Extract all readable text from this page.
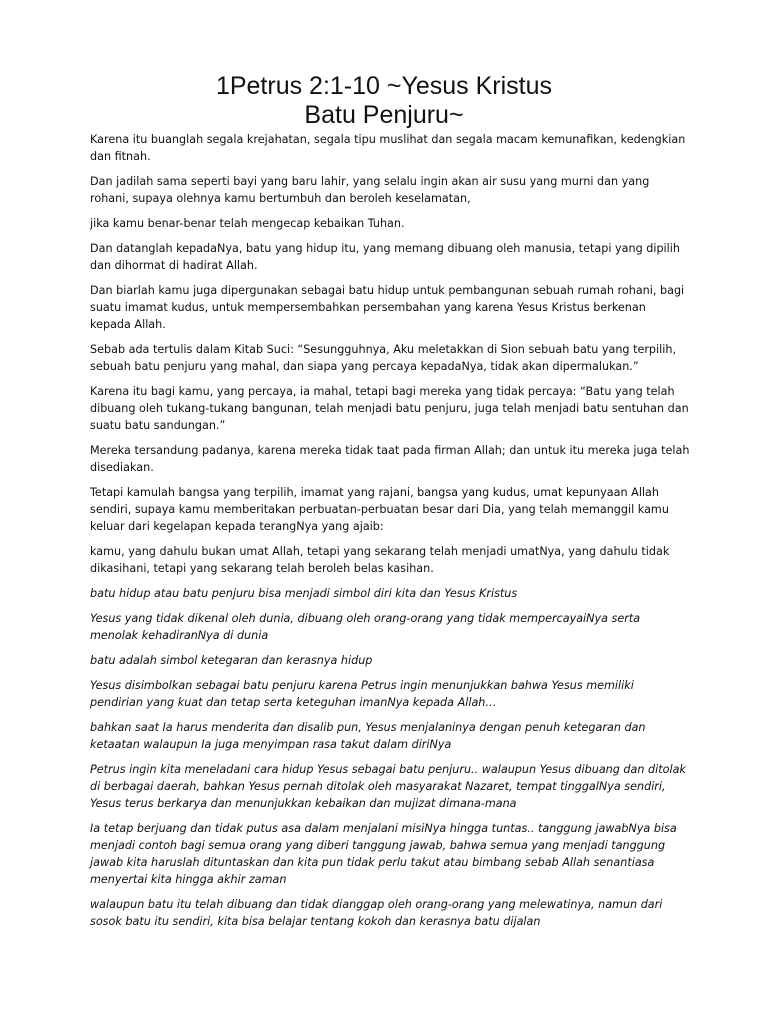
1Petrus 2:1-10 ~Yesus Kristus
Batu Penjuru~

Karena itu buanglah segala krejahatan, segala tipu muslihat dan segala macam kemunafikan, kedengkian dan fitnah.

Dan jadilah sama seperti bayi yang baru lahir, yang selalu ingin akan air susu yang murni dan yang rohani, supaya olehnya kamu bertumbuh dan beroleh keselamatan,

jika kamu benar-benar telah mengecap kebaikan Tuhan.

Dan datanglah kepadaNya, batu yang hidup itu, yang memang dibuang oleh manusia, tetapi yang dipilih dan dihormat di hadirat Allah.

Dan biarlah kamu juga dipergunakan sebagai batu hidup untuk pembangunan sebuah rumah rohani, bagi suatu imamat kudus, untuk mempersembahkan persembahan yang karena Yesus Kristus berkenan kepada Allah.

Sebab ada tertulis dalam Kitab Suci: “Sesungguhnya, Aku meletakkan di Sion sebuah batu yang terpilih, sebuah batu penjuru yang mahal, dan siapa yang percaya kepadaNya, tidak akan dipermalukan.”

Karena itu bagi kamu, yang percaya, ia mahal, tetapi bagi mereka yang tidak percaya: “Batu yang telah dibuang oleh tukang-tukang bangunan, telah menjadi batu penjuru, juga telah menjadi batu sentuhan dan suatu batu sandungan.”

Mereka tersandung padanya, karena mereka tidak taat pada firman Allah; dan untuk itu mereka juga telah disediakan.

Tetapi kamulah bangsa yang terpilih, imamat yang rajani, bangsa yang kudus, umat kepunyaan Allah sendiri, supaya kamu memberitakan perbuatan-perbuatan besar dari Dia, yang telah memanggil kamu keluar dari kegelapan kepada terangNya yang ajaib:

kamu, yang dahulu bukan umat Allah, tetapi yang sekarang telah menjadi umatNya, yang dahulu tidak dikasihani, tetapi yang sekarang telah beroleh belas kasihan.

batu hidup atau batu penjuru bisa menjadi simbol diri kita dan Yesus Kristus

Yesus yang tidak dikenal oleh dunia, dibuang oleh orang-orang yang tidak mempercayaiNya serta menolak kehadiranNya di dunia

batu adalah simbol ketegaran dan kerasnya hidup

Yesus disimbolkan sebagai batu penjuru karena Petrus ingin menunjukkan bahwa Yesus memiliki pendirian yang kuat dan tetap serta keteguhan imanNya kepada Allah…

bahkan saat Ia harus menderita dan disalib pun, Yesus menjalaninya dengan penuh ketegaran dan ketaatan walaupun Ia juga menyimpan rasa takut dalam diriNya

Petrus ingin kita meneladani cara hidup Yesus sebagai batu penjuru.. walaupun Yesus dibuang dan ditolak di berbagai daerah, bahkan Yesus pernah ditolak oleh masyarakat Nazaret, tempat tinggalNya sendiri, Yesus terus berkarya dan menunjukkan kebaikan dan mujizat dimana-mana

Ia tetap berjuang dan tidak putus asa dalam menjalani misiNya hingga tuntas.. tanggung jawabNya bisa menjadi contoh bagi semua orang yang diberi tanggung jawab, bahwa semua yang menjadi tanggung jawab kita haruslah dituntaskan dan kita pun tidak perlu takut atau bimbang sebab Allah senantiasa menyertai kita hingga akhir zaman

walaupun batu itu telah dibuang dan tidak dianggap oleh orang-orang yang melewatinya, namun dari sosok batu itu sendiri, kita bisa belajar tentang kokoh dan kerasnya batu dijalan
